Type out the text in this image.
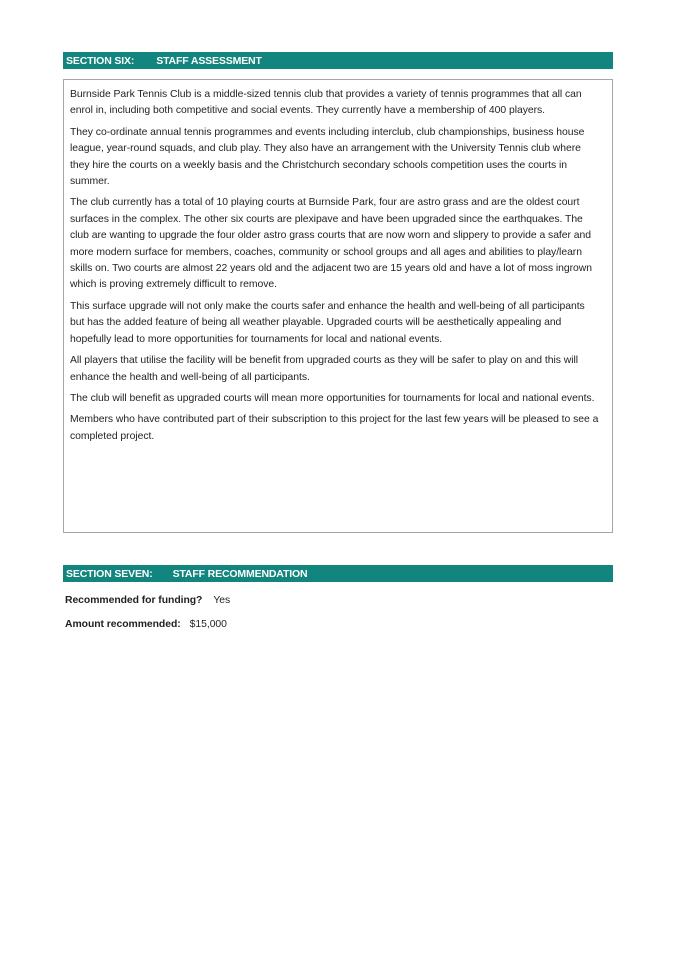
SECTION SIX: STAFF ASSESSMENT

Burnside Park Tennis Club is a middle-sized tennis club that provides a variety of tennis programmes that all can enrol in, including both competitive and social events. They currently have a membership of 400 players.

They co-ordinate annual tennis programmes and events including interclub, club championships, business house league, year-round squads, and club play. They also have an arrangement with the University Tennis club where they hire the courts on a weekly basis and the Christchurch secondary schools competition uses the courts in summer.

The club currently has a total of 10 playing courts at Burnside Park, four are astro grass and are the oldest court surfaces in the complex. The other six courts are plexipave and have been upgraded since the earthquakes. The club are wanting to upgrade the four older astro grass courts that are now worn and slippery to provide a safer and more modern surface for members, coaches, community or school groups and all ages and abilities to play/learn skills on. Two courts are almost 22 years old and the adjacent two are 15 years old and have a lot of moss ingrown which is proving extremely difficult to remove.

This surface upgrade will not only make the courts safer and enhance the health and well-being of all participants but has the added feature of being all weather playable. Upgraded courts will be aesthetically appealing and hopefully lead to more opportunities for tournaments for local and national events.

All players that utilise the facility will be benefit from upgraded courts as they will be safer to play on and this will enhance the health and well-being of all participants.

The club will benefit as upgraded courts will mean more opportunities for tournaments for local and national events.

Members who have contributed part of their subscription to this project for the last few years will be pleased to see a completed project.

SECTION SEVEN: STAFF RECOMMENDATION
Recommended for funding? Yes
Amount recommended: $15,000
